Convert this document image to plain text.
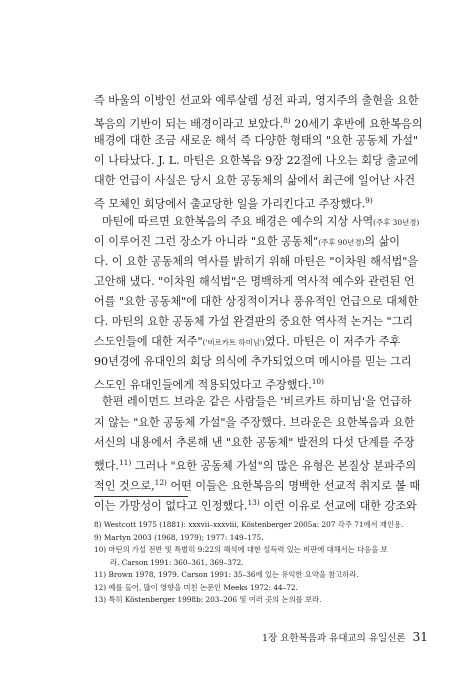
즉 바울의 이방인 선교와 예루살렘 성전 파괴, 영지주의 출현을 요한
복음의 기반이 되는 배경이라고 보았다.$^{8)}$ 20세기 후반에 요한복음의
배경에 대한 조금 새로운 해석 즉 다양한 형태의 "요한 공동체 가설"
이 나타났다. J. L. 마틴은 요한복음 9장 22절에 나오는 회당 출교에
대한 언급이 사실은 당시 요한 공동체의 삶에서 최근에 일어난 사건
즉 모체인 회당에서 출교당한 일을 가리킨다고 주장했다.$^{9)}$
마틴에 따르면 요한복음의 주요 배경은 예수의 지상 사역(주후 30년경)
이 이루어진 그런 장소가 아니라 "요한 공동체"(주후 90년경)의 삶이
다. 이 요한 공동체의 역사를 밝히기 위해 마틴은 "이차원 해석법"을
고안해 냈다. "이차원 해석법"은 명백하게 역사적 예수와 관련된 언
어를 "요한 공동체"에 대한 상징적이거나 풍유적인 언급으로 대체한
다. 마틴의 요한 공동체 가설 완결판의 중요한 역사적 논거는 "그리
스도인들에 대한 저주"('비르카트 하미님')였다. 마틴은 이 저주가 주후
90년경에 유대인의 회당 의식에 추가되었으며 메시아를 믿는 그리
스도인 유대인들에게 적용되었다고 주장했다.$^{10)}$
한편 레이먼드 브라운 같은 사람들은 '비르카트 하미님'을 언급하
지 않는 "요한 공동체 가설"을 주장했다. 브라운은 요한복음과 요한
서신의 내용에서 추론해 낸 "요한 공동체" 발전의 다섯 단계를 주장
했다.$^{11)}$ 그러나 "요한 공동체 가설"의 많은 유형은 본질상 분파주의
적인 것으로,$^{12)}$ 어떤 이들은 요한복음의 명백한 선교적 취지로 볼 때
이는 가망성이 없다고 인정했다.$^{13)}$ 이런 이유로 선교에 대한 강조와
8) Westcott 1975 (1881): xxxvii–xxxviii, Köstenberger 2005a: 207 각주 71에서 재인용.
9) Martyn 2003 (1968, 1979); 1977: 149–175.
10) 마틴의 가설 전반 및 특별히 9:22의 해석에 대한 설득력 있는 비판에 대해서는 다음을 보
라. Carson 1991: 360–361, 369–372.
11) Brown 1978, 1979. Carson 1991: 35–36에 있는 유익한 요약을 참고하라.
12) 예를 들어, 많이 영향을 미친 논문인 Meeks 1972: 44–72.
13) 특히 Köstenberger 1998b: 203–206 및 여러 곳의 논의를 보라.
1장 요한복음과 유대교의 유일신론 31
